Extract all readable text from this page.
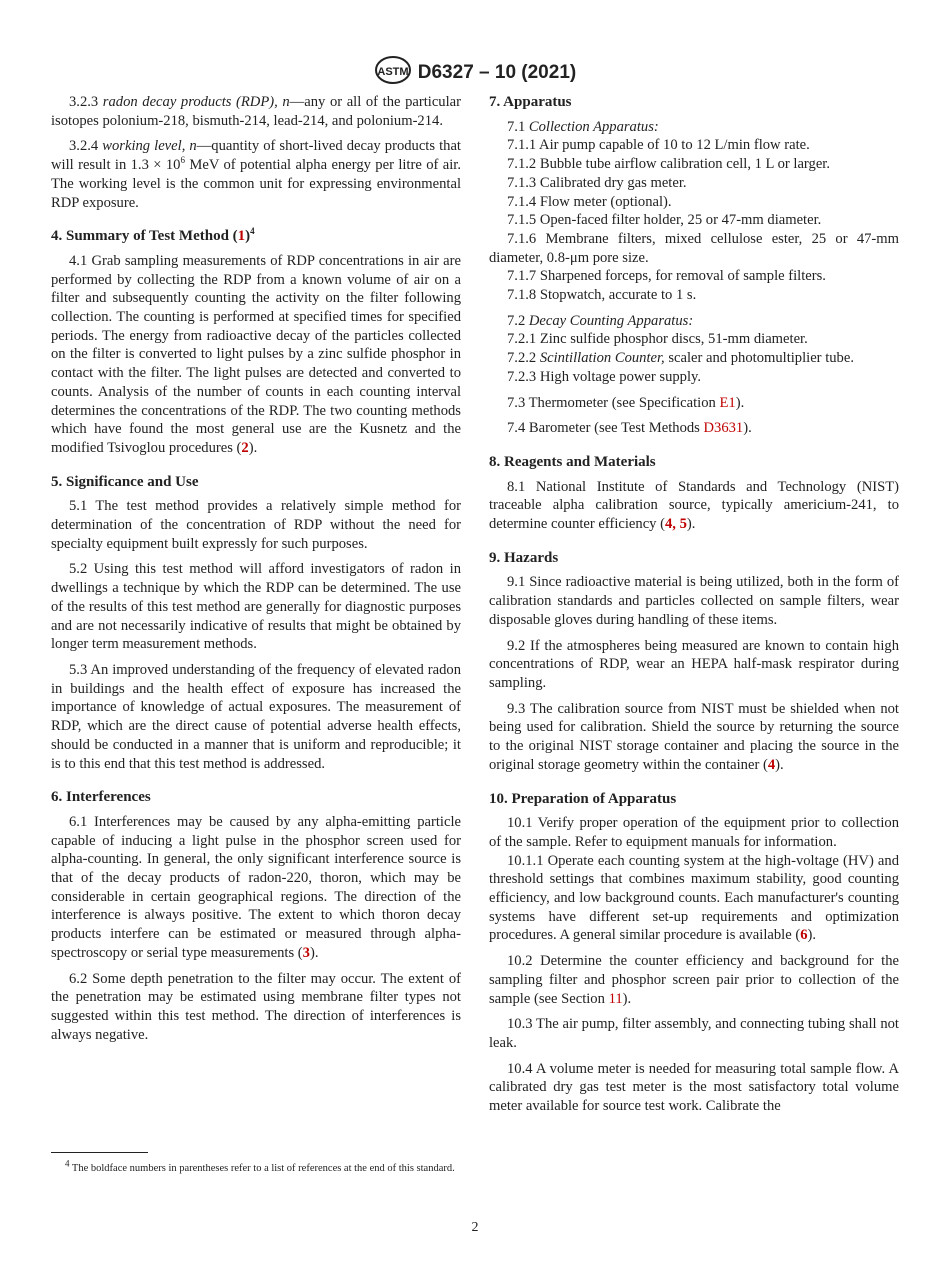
ASTM D6327 – 10 (2021)
3.2.3 radon decay products (RDP), n—any or all of the particular isotopes polonium-218, bismuth-214, lead-214, and polonium-214.
3.2.4 working level, n—quantity of short-lived decay products that will result in $1.3 \times 10^6$ MeV of potential alpha energy per litre of air. The working level is the common unit for expressing environmental RDP exposure.
4. Summary of Test Method $(1)^4$
4.1 Grab sampling measurements of RDP concentrations in air are performed by collecting the RDP from a known volume of air on a filter and subsequently counting the activity on the filter following collection. The counting is performed at specified times for specified periods. The energy from radioactive decay of the particles collected on the filter is converted to light pulses by a zinc sulfide phosphor in contact with the filter. The light pulses are detected and converted to counts. Analysis of the number of counts in each counting interval determines the concentrations of the RDP. The two counting methods which have found the most general use are the Kusnetz and the modified Tsivoglou procedures (2).
5. Significance and Use
5.1 The test method provides a relatively simple method for determination of the concentration of RDP without the need for specialty equipment built expressly for such purposes.
5.2 Using this test method will afford investigators of radon in dwellings a technique by which the RDP can be determined. The use of the results of this test method are generally for diagnostic purposes and are not necessarily indicative of results that might be obtained by longer term measurement methods.
5.3 An improved understanding of the frequency of elevated radon in buildings and the health effect of exposure has increased the importance of knowledge of actual exposures. The measurement of RDP, which are the direct cause of potential adverse health effects, should be conducted in a manner that is uniform and reproducible; it is to this end that this test method is addressed.
6. Interferences
6.1 Interferences may be caused by any alpha-emitting particle capable of inducing a light pulse in the phosphor screen used for alpha-counting. In general, the only significant interference source is that of the decay products of radon-220, thoron, which may be considerable in certain geographical regions. The direction of the interference is always positive. The extent to which thoron decay products interfere can be estimated or measured through alpha-spectroscopy or serial type measurements (3).
6.2 Some depth penetration to the filter may occur. The extent of the penetration may be estimated using membrane filter types not suggested within this test method. The direction of interferences is always negative.
7. Apparatus
7.1 Collection Apparatus:
7.1.1 Air pump capable of 10 to 12 L/min flow rate.
7.1.2 Bubble tube airflow calibration cell, 1 L or larger.
7.1.3 Calibrated dry gas meter.
7.1.4 Flow meter (optional).
7.1.5 Open-faced filter holder, 25 or 47-mm diameter.
7.1.6 Membrane filters, mixed cellulose ester, 25 or 47-mm diameter, 0.8-μm pore size.
7.1.7 Sharpened forceps, for removal of sample filters.
7.1.8 Stopwatch, accurate to 1 s.
7.2 Decay Counting Apparatus:
7.2.1 Zinc sulfide phosphor discs, 51-mm diameter.
7.2.2 Scintillation Counter, scaler and photomultiplier tube.
7.2.3 High voltage power supply.
7.3 Thermometer (see Specification E1).
7.4 Barometer (see Test Methods D3631).
8. Reagents and Materials
8.1 National Institute of Standards and Technology (NIST) traceable alpha calibration source, typically americium-241, to determine counter efficiency (4, 5).
9. Hazards
9.1 Since radioactive material is being utilized, both in the form of calibration standards and particles collected on sample filters, wear disposable gloves during handling of these items.
9.2 If the atmospheres being measured are known to contain high concentrations of RDP, wear an HEPA half-mask respirator during sampling.
9.3 The calibration source from NIST must be shielded when not being used for calibration. Shield the source by returning the source to the original NIST storage container and placing the source in the original storage geometry within the container (4).
10. Preparation of Apparatus
10.1 Verify proper operation of the equipment prior to collection of the sample. Refer to equipment manuals for information.
10.1.1 Operate each counting system at the high-voltage (HV) and threshold settings that combines maximum stability, good counting efficiency, and low background counts. Each manufacturer's counting systems have different set-up requirements and optimization procedures. A general similar procedure is available (6).
10.2 Determine the counter efficiency and background for the sampling filter and phosphor screen pair prior to collection of the sample (see Section 11).
10.3 The air pump, filter assembly, and connecting tubing shall not leak.
10.4 A volume meter is needed for measuring total sample flow. A calibrated dry gas test meter is the most satisfactory total volume meter available for source test work. Calibrate the
$^4$ The boldface numbers in parentheses refer to a list of references at the end of this standard.
2
